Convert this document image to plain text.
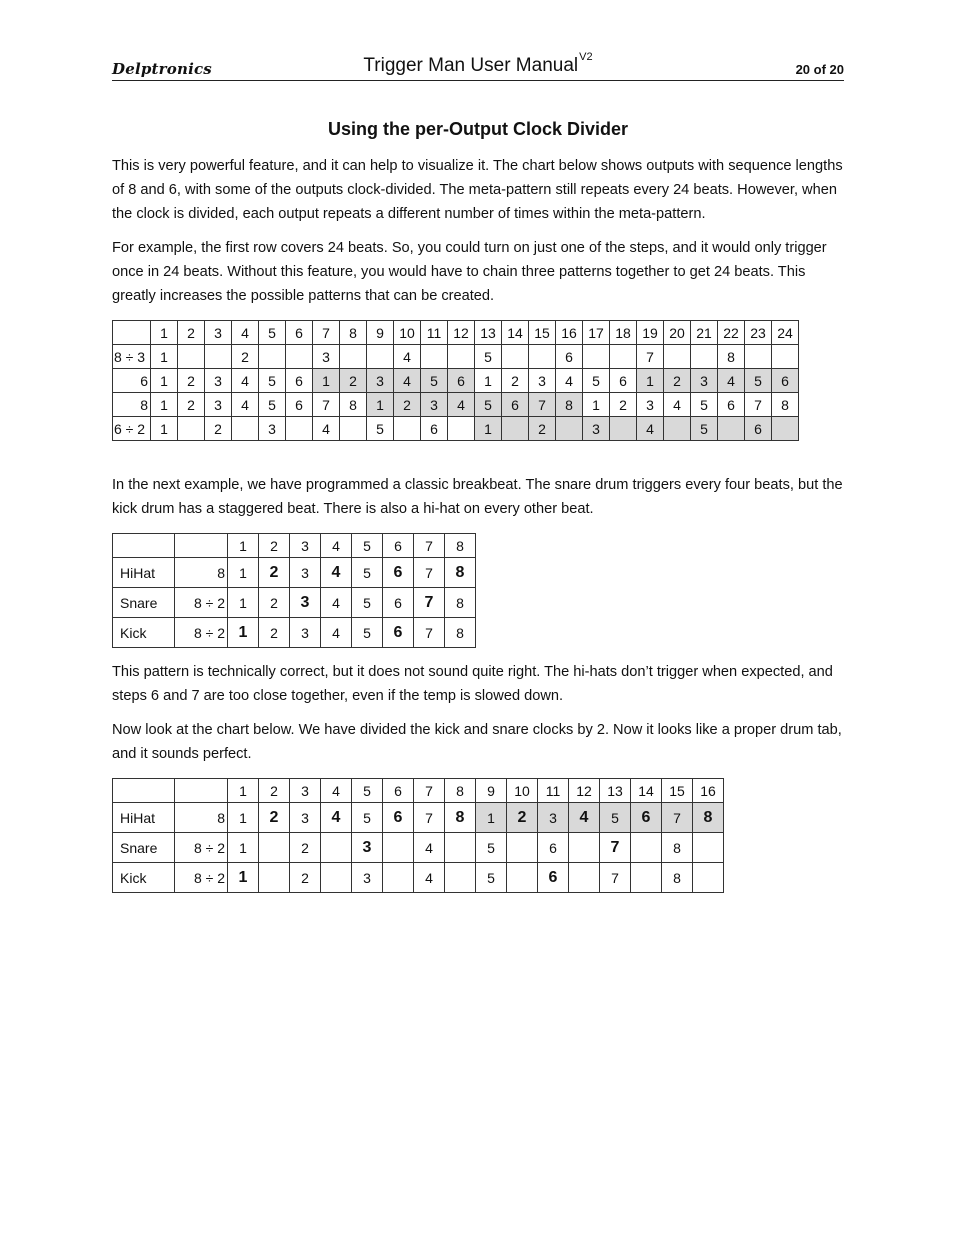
Delptronics	Trigger Man User Manual$^{V2}$
20 of 20
Using the per-Output Clock Divider

This is very powerful feature, and it can help to visualize it. The chart below shows outputs with sequence lengths of 8 and 6, with some of the outputs clock-divided. The meta-pattern still repeats every 24 beats. However, when the clock is divided, each output repeats a different number of times within the meta-pattern.

For example, the first row covers 24 beats. So, you could turn on just one of the steps, and it would only trigger once in 24 beats. Without this feature, you would have to chain three patterns together to get 24 beats. This greatly increases the possible patterns that can be created.

	1	2	3	4	5	6	7	8	9	10	11	12	13	14	15	16	17	18	19	20	21	22	23	24
8 ÷ 3	1			2			3			4			5			6			7			8		
6	1	2	3	4	5	6	1	2	3	4	5	6	1	2	3	4	5	6	1	2	3	4	5	6
8	1	2	3	4	5	6	7	8	1	2	3	4	5	6	7	8	1	2	3	4	5	6	7	8
6 ÷ 2	1		2		3		4		5		6		1		2		3		4		5		6	

In the next example, we have programmed a classic breakbeat. The snare drum triggers every four beats, but the kick drum has a staggered beat. There is also a hi-hat on every other beat.

		1	2	3	4	5	6	7	8
HiHat	8	1	2	3	4	5	6	7	8
Snare	8 ÷ 2	1	2	3	4	5	6	7	8
Kick	8 ÷ 2	1	2	3	4	5	6	7	8

This pattern is technically correct, but it does not sound quite right. The hi-hats don’t trigger when expected, and steps 6 and 7 are too close together, even if the temp is slowed down.

Now look at the chart below. We have divided the kick and snare clocks by 2. Now it looks like a proper drum tab, and it sounds perfect.

		1	2	3	4	5	6	7	8	9	10	11	12	13	14	15	16
HiHat	8	1	2	3	4	5	6	7	8	1	2	3	4	5	6	7	8
Snare	8 ÷ 2	1		2		3		4		5		6		7		8	
Kick	8 ÷ 2	1		2		3		4		5		6		7		8	
